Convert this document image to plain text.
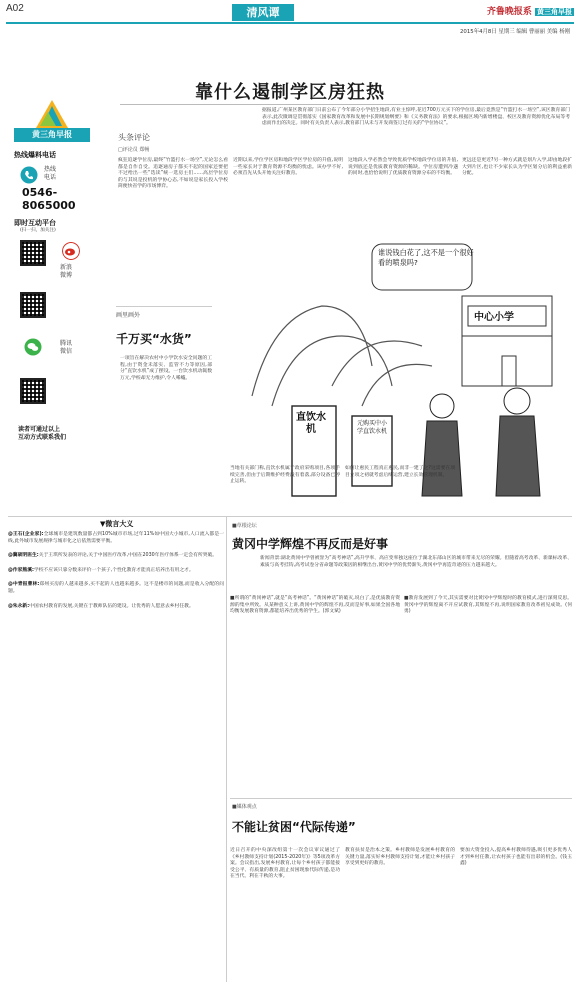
A02	清风谭	齐鲁晚报系 黄三角早报
2015年4月8日 星期三 编辑 曹丽丽 美编 杨刚
黄三角早报
热线爆料电话
热线
电话
0546-8065000
即时互动平台
(扫一扫，加关注)
新浪
微博
腾讯
微信
读者可通过以上
互动方式联系我们
靠什么遏制学区房狂热
头条评论
□评论员 郑畅
据报道,广州某区教育部门日前公布了今年部分小学招生地段,有业主惊呼,花近700万元买下的学位房,最后竟然是“竹篮打水一场空”,该区教育部门表示,此次微调是贯彻落实《国家教育改革和发展中长期规划纲要》和《义务教育法》的要求,根据区域内新增楼盘、校区及教育资源优化布局等考虑而作出的决定。同时有关负责人表示,教育部门从未与开发商签订过有关的“学位协议”。
疯狂追逐学位房,最终“竹篮打水一场空”,无论怎么看都是自作自受。追逐通房子都买不起的国家还要把不过给出一些“选读”统一选房主们……高层学位房的与其说是投机的学协心态,不如说是家长投入学校简便快省学的市场博弈。
近期以来,学位学区房和地段学区学位房的升值,说明一些家长对于教育资源不均衡的忧虑。该办学不好,必须首先从头开始关注好教育。
这地段入学必然会导致优质学校地段学位房的升值,说到底还是优质教育资源的稀缺。学位房遭到冷遇的同时,也恰恰说明了优质教育资源分布的不均衡。
更远还是更近?另一种方式就是划片入学,即由地段扩大到片区,也让不少家长认为学区划分后的利益重新分配。
画里画外
千万买“水货”
一项旨在解决农村中小学饮水安全问题的工程,由于资金未落实、监管不力等原因,部分“直饮水机”成了摆设。一台饮水机动辄数万元,学校却无力维护,令人唏嘘。
谁说钱白花了,这不是一个很好看的喷泉吗?
中心小学
直饮水机
元购买中小学直饮水机
当地有关部门称,直饮水机属于政府采购项目,各项手续完善,但由于后期维护经费没有着落,部分设备已停止运转。
如何让惠民工程真正惠民,而非一建了之?这需要在项目立项之初就考虑后续运营,建立长效管理机制。
▼微言大义
@王石(企业家):全球城市是建筑数量都占到10%城市市场,过年11%如中国大小城市,人口流入都是一线,此外城市发展规律与城市化之后依然需要平衡。
@冀硕明医生:关于王琪所发表的评论,关于中国医疗改革,中国在2030年医疗体系一定会有所突破。
@作家熊溪:学校不应该只靠分数来评价一个孩子,个性化教育才能真正培养出有用之才。
@中青报曹林:郑州买房的人越来越多,买不起的人也越来越多。这不是楼市的问题,而是收入分配的问题。
@朱永新:中国农村教育的发展,关键在于教师队伍的建设。让优秀的人愿意去乡村任教。
■草根论坛
黄冈中学辉煌不再反而是好事
新闻背景:湖北黄冈中学曾被誉为“高考神话”,高升学率、高应变率独这座位于湖北东部山区的城市带来无尽的荣耀。但随着高考改革、新课标改革、素质与高考挂钩,高考试卷分省命题等政策因的相继出台,黄冈中学的优势渐失,黄冈中学再造奇迹的压力越来越大。
■所谓的“黄冈神话”,就是“高考神话”。“黄冈神话”的破灭,说白了,是优质教育资源的集中所致。从某种意义上讲,黄冈中学的辉煌不再,反而是好事,如果全国各地均衡发展教育资源,都能培养出优秀的学生。(郭文斌)
■教育发展到了今天,其实需要对比黄冈中学辉煌时的教育模式,进行深刻反思。黄冈中学的辉煌离不开应试教育,其辉煌不再,说明国家教育改革初见成效。(何勇)
■媒体观点
不能让贫困“代际传递”
近日召开的中央深改组第十一次会议审议通过了《乡村教师支持计划(2015-2020年)》等5项改革方案。会议指出,发展乡村教育,让每个乡村孩子都能接受公平、有质量的教育,阻止贫困现象代际传递,是功在当代、利在千秋的大事。
教育扶贫是治本之策。乡村教师是发展乡村教育的关键力量,落实好乡村教师支持计划,才能让乡村孩子享受到更好的教育。
要加大资金投入,提高乡村教师待遇,吸引更多优秀人才到乡村任教,让农村孩子也能有出彩的机会。(钱玉鑫)
